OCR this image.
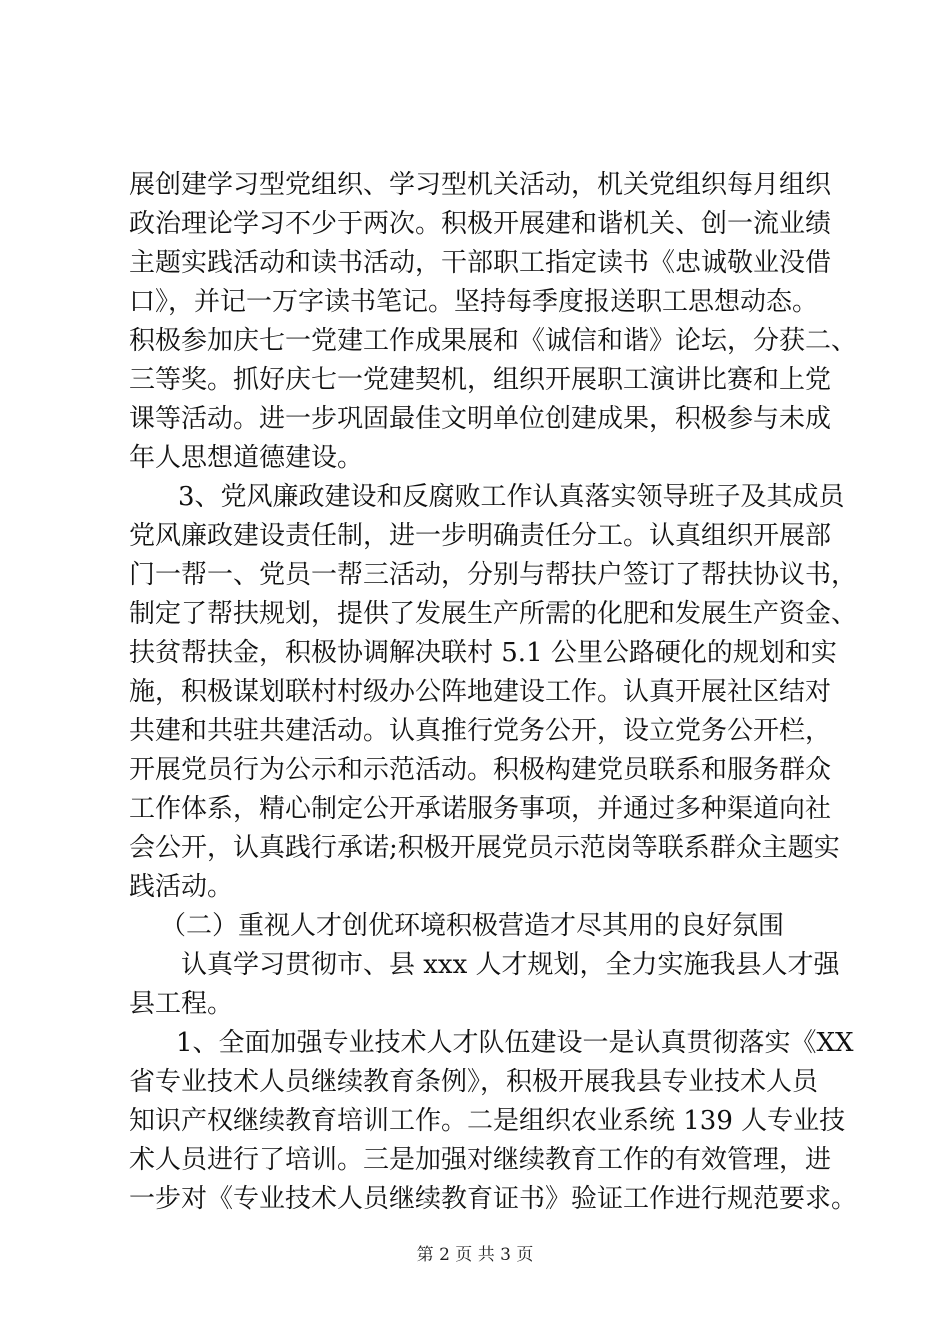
展创建学习型党组织、学习型机关活动，机关党组织每月组织
政治理论学习不少于两次。积极开展建和谐机关、创一流业绩
主题实践活动和读书活动，干部职工指定读书《忠诚敬业没借
口》，并记一万字读书笔记。坚持每季度报送职工思想动态。
积极参加庆七一党建工作成果展和《诚信和谐》论坛，分获二、
三等奖。抓好庆七一党建契机，组织开展职工演讲比赛和上党
课等活动。进一步巩固最佳文明单位创建成果，积极参与未成
年人思想道德建设。
3、党风廉政建设和反腐败工作认真落实领导班子及其成员
党风廉政建设责任制，进一步明确责任分工。认真组织开展部
门一帮一、党员一帮三活动，分别与帮扶户签订了帮扶协议书，
制定了帮扶规划，提供了发展生产所需的化肥和发展生产资金、
扶贫帮扶金，积极协调解决联村 5.1 公里公路硬化的规划和实
施，积极谋划联村村级办公阵地建设工作。认真开展社区结对
共建和共驻共建活动。认真推行党务公开，设立党务公开栏，
开展党员行为公示和示范活动。积极构建党员联系和服务群众
工作体系，精心制定公开承诺服务事项，并通过多种渠道向社
会公开，认真践行承诺;积极开展党员示范岗等联系群众主题实
践活动。
（二）重视人才创优环境积极营造才尽其用的良好氛围
认真学习贯彻市、县 xxx 人才规划，全力实施我县人才强
县工程。
1、全面加强专业技术人才队伍建设一是认真贯彻落实《XX
省专业技术人员继续教育条例》，积极开展我县专业技术人员
知识产权继续教育培训工作。二是组织农业系统 139 人专业技
术人员进行了培训。三是加强对继续教育工作的有效管理，进
一步对《专业技术人员继续教育证书》验证工作进行规范要求。
第 2 页 共 3 页
